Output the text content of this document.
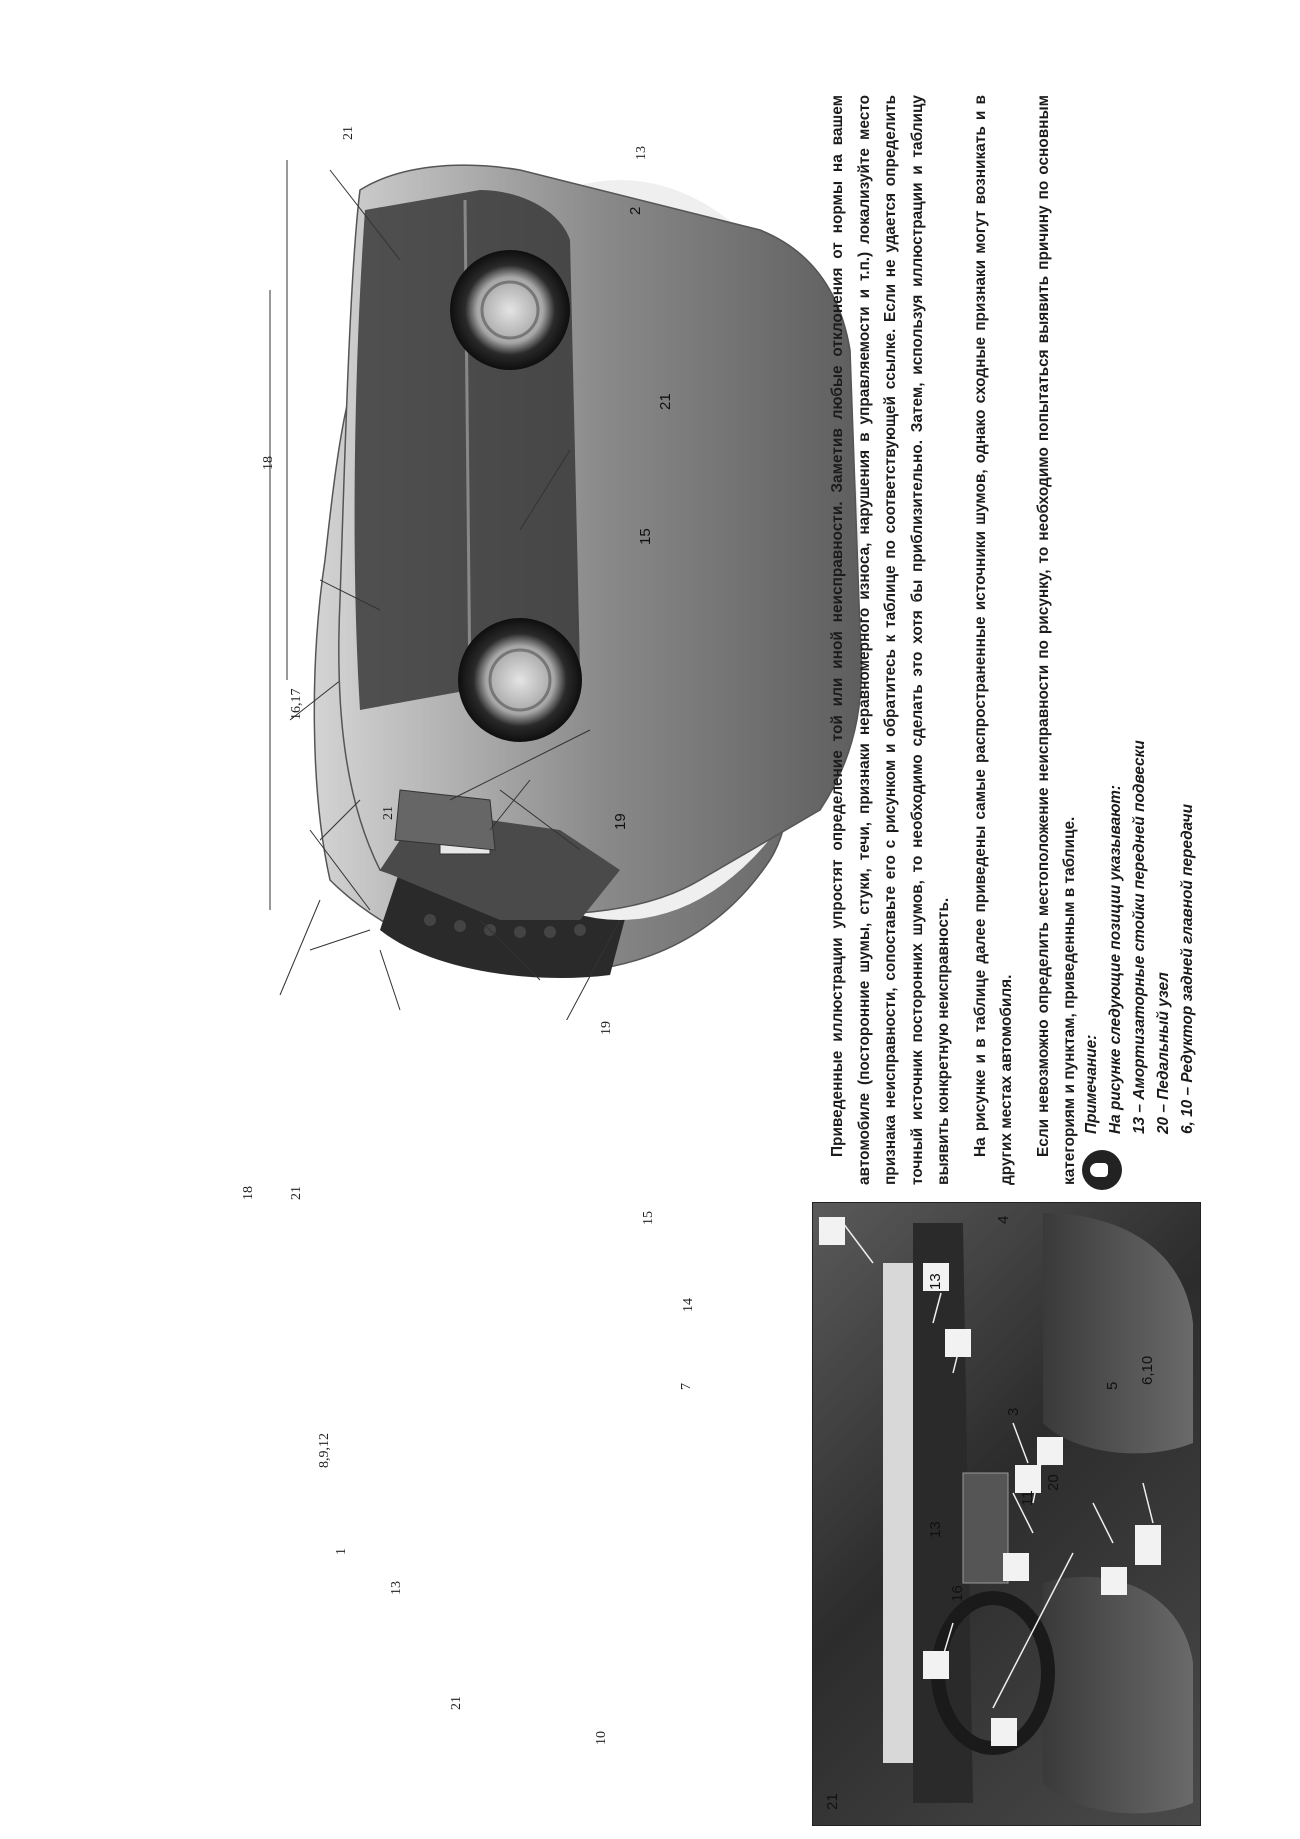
18 21
8,9,12
1
13
21
10
7
15
14
19
21
13
2
21
18
15
16,17
21
19
21
13
16
13
4
3
11
20
5
6,10

Приведенные иллюстрации упростят определение той или иной неисправности. Заметив любые отклонения от нормы на вашем автомобиле (посторонние шумы, стуки, течи, признаки неравномерного износа, нарушения в управляемости и т.п.) локализуйте место признака неисправности, сопоставьте его с рисунком и обратитесь к таблице по соответствующей ссылке. Если не удается определить точный источник посторонних шумов, то необходимо сделать это хотя бы приблизительно. Затем, используя иллюстрации и таблицу выявить конкретную неисправность.	На рисунке и в таблице далее приведены самые распространенные источники шумов, однако сходные признаки могут возникать и в других местах автомобиля.	Если невозможно определить местоположение неисправности по рисунку, то необходимо попытаться выявить причину по основным категориям и пунктам, приведенным в таблице. Примечание: На рисунке следующие позиции указывают: 13 – Амортизаторные стойки передней подвески 20 – Педальный узел 6, 10 – Редуктор задней главной передачи
